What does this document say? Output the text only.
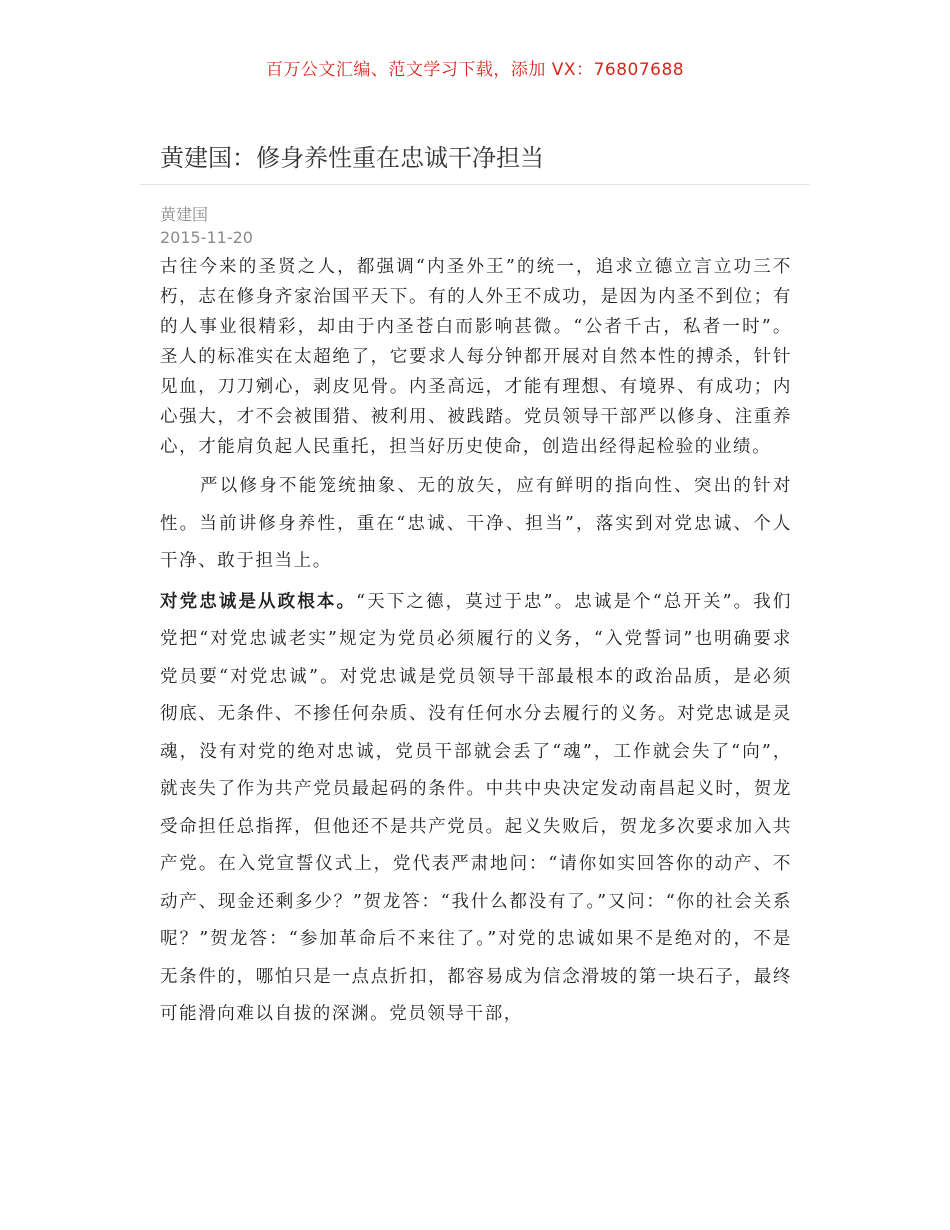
百万公文汇编、范文学习下载，添加 VX：76807688
黄建国：修身养性重在忠诚干净担当
黄建国
2015-11-20

古往今来的圣贤之人，都强调“内圣外王”的统一，追求立德立言立功三不朽，志在修身齐家治国平天下。有的人外王不成功，是因为内圣不到位；有的人事业很精彩，却由于内圣苍白而影响甚微。“公者千古，私者一时”。圣人的标准实在太超绝了，它要求人每分钟都开展对自然本性的搏杀，针针见血，刀刀剜心，剥皮见骨。内圣高远，才能有理想、有境界、有成功；内心强大，才不会被围猎、被利用、被践踏。党员领导干部严以修身、注重养心，才能肩负起人民重托，担当好历史使命，创造出经得起检验的业绩。

严以修身不能笼统抽象、无的放矢，应有鲜明的指向性、突出的针对性。当前讲修身养性，重在“忠诚、干净、担当”，落实到对党忠诚、个人干净、敢于担当上。

对党忠诚是从政根本。“天下之德，莫过于忠”。忠诚是个“总开关”。我们党把“对党忠诚老实”规定为党员必须履行的义务，“入党誓词”也明确要求党员要“对党忠诚”。对党忠诚是党员领导干部最根本的政治品质，是必须彻底、无条件、不掺任何杂质、没有任何水分去履行的义务。对党忠诚是灵魂，没有对党的绝对忠诚，党员干部就会丢了“魂”，工作就会失了“向”，就丧失了作为共产党员最起码的条件。中共中央决定发动南昌起义时，贺龙受命担任总指挥，但他还不是共产党员。起义失败后，贺龙多次要求加入共产党。在入党宣誓仪式上，党代表严肃地问：“请你如实回答你的动产、不动产、现金还剩多少？”贺龙答：“我什么都没有了。”又问：“你的社会关系呢？”贺龙答：“参加革命后不来往了。”对党的忠诚如果不是绝对的，不是无条件的，哪怕只是一点点折扣，都容易成为信念滑坡的第一块石子，最终可能滑向难以自拔的深渊。党员领导干部，
